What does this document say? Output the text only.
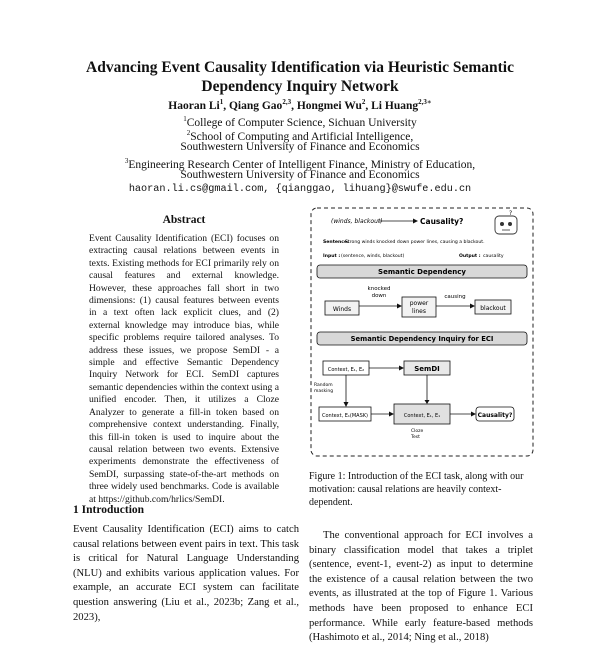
Advancing Event Causality Identification via Heuristic Semantic
Dependency Inquiry Network
Haoran Li$^1$, Qiang Gao$^{2,3}$, Hongmei Wu$^2$, Li Huang$^{2,3∗}$
$^1$College of Computer Science, Sichuan University
$^2$School of Computing and Artificial Intelligence,
Southwestern University of Finance and Economics
$^3$Engineering Research Center of Intelligent Finance, Ministry of Education,
Southwestern University of Finance and Economics
haoran.li.cs@gmail.com, {qianggao, lihuang}@swufe.edu.cn
Abstract
Event Causality Identification (ECI) focuses on extracting causal relations between events in texts. Existing methods for ECI primarily rely on causal features and external knowledge. However, these approaches fall short in two dimensions: (1) causal features between events in a text often lack explicit clues, and (2) external knowledge may introduce bias, while specific problems require tailored analyses. To address these issues, we propose SemDI - a simple and effective Semantic Dependency Inquiry Network for ECI. SemDI captures semantic dependencies within the context using a unified encoder. Then, it utilizes a Cloze Analyzer to generate a fill-in token based on comprehensive context understanding. Finally, this fill-in token is used to inquire about the causal relation between two events. Extensive experiments demonstrate the effectiveness of SemDI, surpassing state-of-the-art methods on three widely used benchmarks. Code is available at https://github.com/hrlics/SemDI.
1 Introduction
Event Causality Identification (ECI) aims to catch causal relations between event pairs in text. This task is critical for Natural Language Understanding (NLU) and exhibits various application values. For example, an accurate ECI system can facilitate question answering (Liu et al., 2023b; Zang et al., 2023),
(winds, blackout)	Causality?
?
Sentence:
Strong winds knocked down power lines, causing a blackout.
Input : (sentence, winds, blackout)	Output : causality
Semantic Dependency
Winds
knocked
down
power
lines
causing
blackout
Semantic Dependency Inquiry for ECI
Context, E₁, E₂	SemDI
Random
masking
Context, E₁(MASK)	Context, E₁, E₁
Cloze
Test
Causality?
Figure 1: Introduction of the ECI task, along with our motivation: causal relations are heavily context-dependent.
The conventional approach for ECI involves a binary classification model that takes a triplet (sentence, event-1, event-2) as input to determine the existence of a causal relation between the two events, as illustrated at the top of Figure 1. Various methods have been proposed to enhance ECI performance. While early feature-based methods (Hashimoto et al., 2014; Ning et al., 2018)
